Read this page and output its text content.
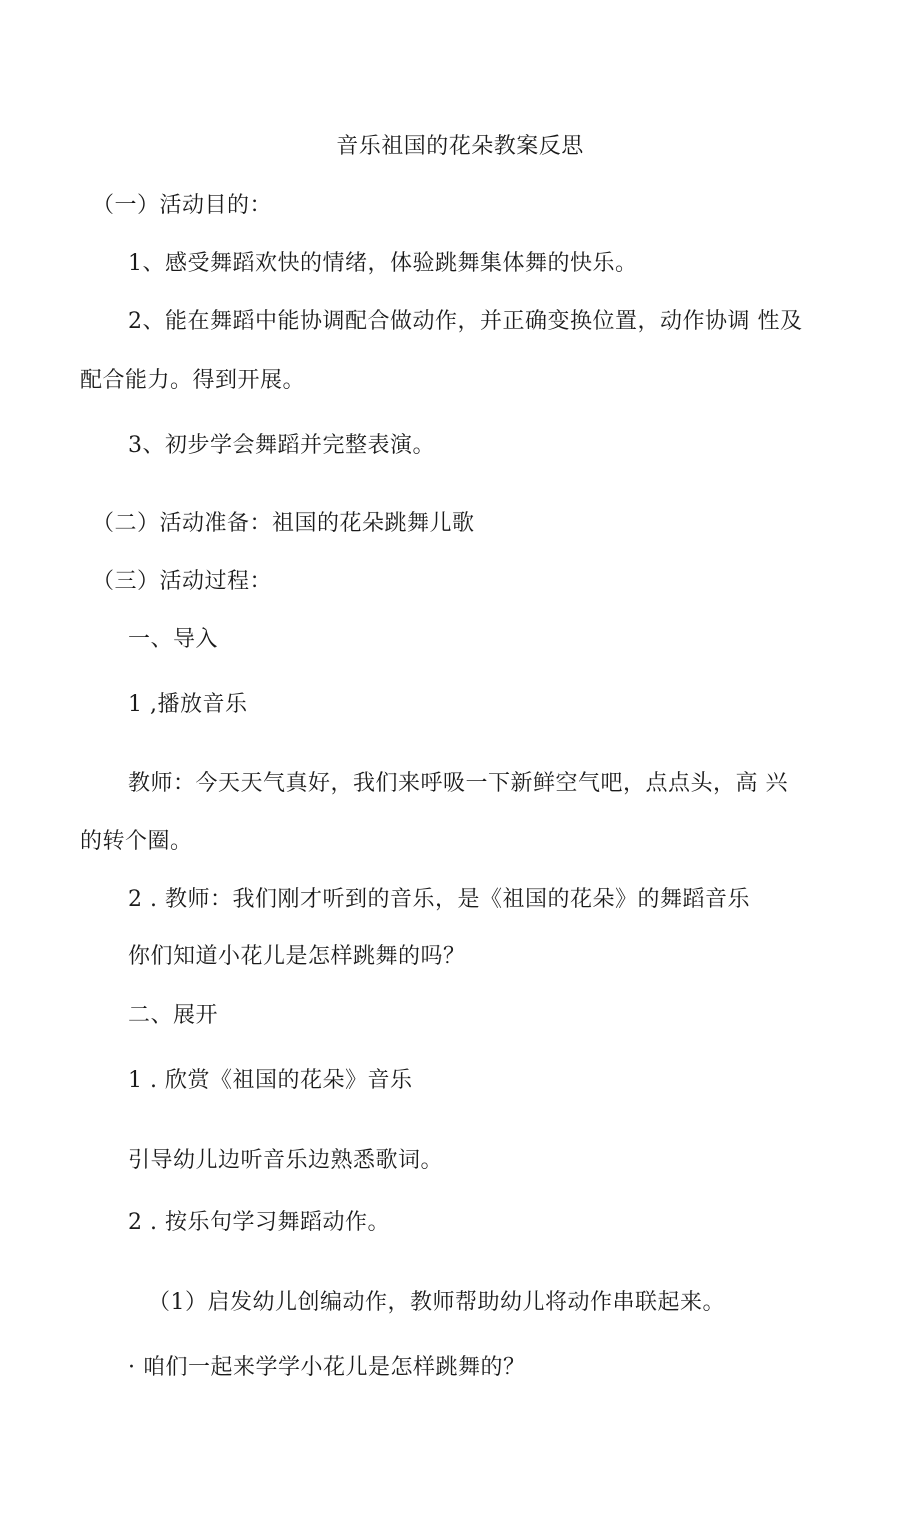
音乐祖国的花朵教案反思
（一）活动目的：
1、感受舞蹈欢快的情绪，体验跳舞集体舞的快乐。
2、能在舞蹈中能协调配合做动作，并正确变换位置，动作协调 性及
配合能力。得到开展。
3、初步学会舞蹈并完整表演。
（二）活动准备：祖国的花朵跳舞儿歌
（三）活动过程：
一、导入
1 ,播放音乐
教师：今天天气真好，我们来呼吸一下新鲜空气吧，点点头，高 兴
的转个圈。
2 . 教师：我们刚才听到的音乐，是《祖国的花朵》的舞蹈音乐
你们知道小花儿是怎样跳舞的吗？
二、展开
1 . 欣赏《祖国的花朵》音乐
引导幼儿边听音乐边熟悉歌词。
2 . 按乐句学习舞蹈动作。
（1）启发幼儿创编动作，教师帮助幼儿将动作串联起来。
· 咱们一起来学学小花儿是怎样跳舞的？
